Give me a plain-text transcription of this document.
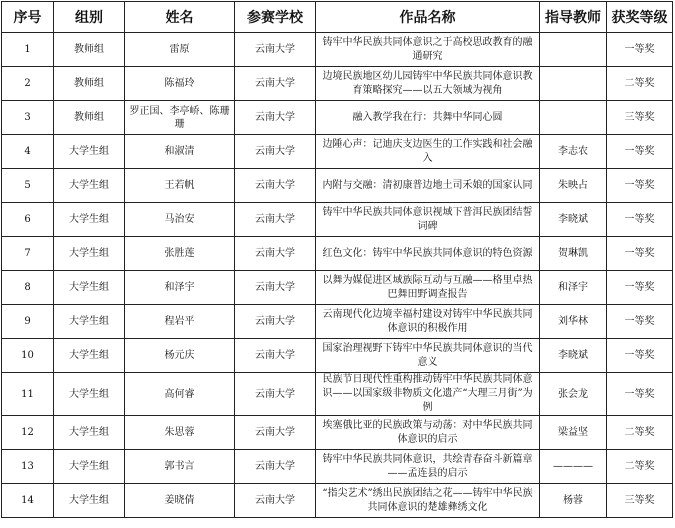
序号	组别	姓名	参赛学校	作品名称	指导教师	获奖等级
1	教师组	雷原	云南大学	铸牢中华民族共同体意识之于高校思政教育的融通研究		一等奖
2	教师组	陈福玲	云南大学	边境民族地区幼儿园铸牢中华民族共同体意识教育策略探究——以五大领域为视角		二等奖
3	教师组	罗正国、李亭峤、陈珊珊	云南大学	融入教学我在行：共舞中华同心圆		三等奖
4	大学生组	和淑清	云南大学	边陲心声：记迪庆支边医生的工作实践和社会融入	李志农	一等奖
5	大学生组	王若帆	云南大学	内附与交融：清初康普边地土司禾娘的国家认同	朱映占	一等奖
6	大学生组	马治安	云南大学	铸牢中华民族共同体意识视域下普洱民族团结誓词碑	李晓斌	一等奖
7	大学生组	张胜莲	云南大学	红色文化：铸牢中华民族共同体意识的特色资源	贺琳凯	一等奖
8	大学生组	和泽宇	云南大学	以舞为媒促进区域族际互动与互融——格里卓热巴舞田野调查报告	和泽宇	一等奖
9	大学生组	程岩平	云南大学	云南现代化边境幸福村建设对铸牢中华民族共同体意识的积极作用	刘华林	一等奖
10	大学生组	杨元庆	云南大学	国家治理视野下铸牢中华民族共同体意识的当代意义	李晓斌	一等奖
11	大学生组	高何睿	云南大学	民族节日现代性重构推动铸牢中华民族共同体意识——以国家级非物质文化遗产“大理三月街”为例	张会龙	一等奖
12	大学生组	朱思蓉	云南大学	埃塞俄比亚的民族政策与动荡：对中华民族共同体意识的启示	梁益坚	二等奖
13	大学生组	郭书言	云南大学	铸牢中华民族共同体意识，共绘青春奋斗新篇章——孟连县的启示	————	二等奖
14	大学生组	姜晓倩	云南大学	“指尖艺术”绣出民族团结之花——铸牢中华民族共同体意识的楚雄彝绣文化	杨蓉	三等奖
